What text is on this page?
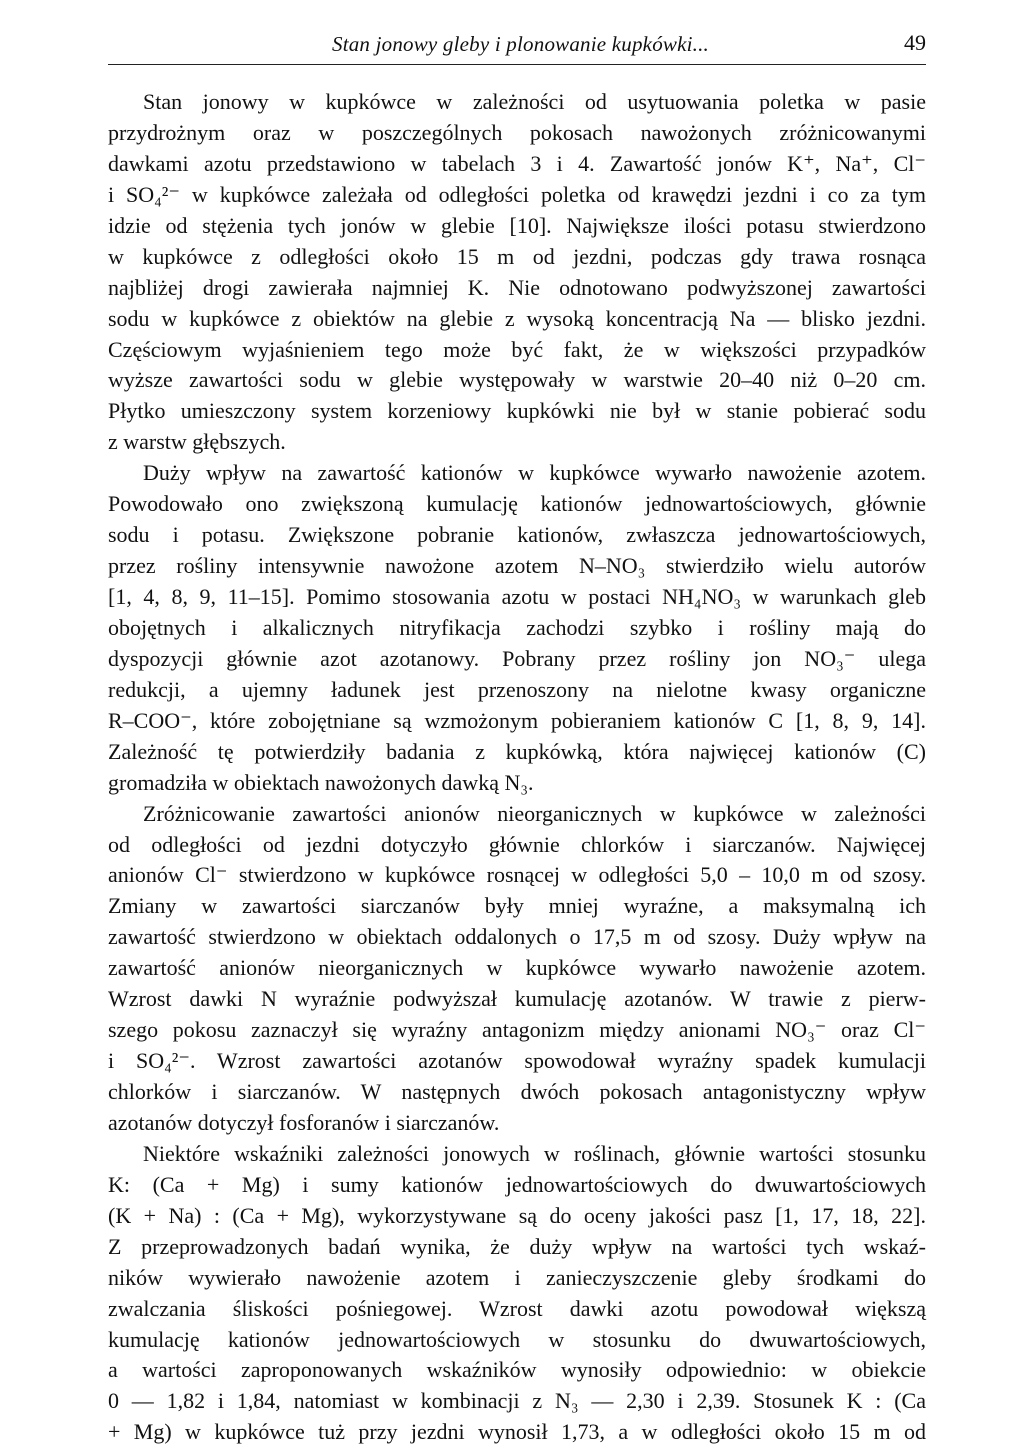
Stan jonowy gleby i plonowanie kupkówki...	49
Stan jonowy w kupkówce w zależności od usytuowania poletka w pasie
przydrożnym oraz w poszczególnych pokosach nawożonych zróżnicowanymi
dawkami azotu przedstawiono w tabelach 3 i 4. Zawartość jonów K⁺, Na⁺, Cl⁻
i SO₄²⁻ w kupkówce zależała od odległości poletka od krawędzi jezdni i co za tym
idzie od stężenia tych jonów w glebie [10]. Największe ilości potasu stwierdzono
w kupkówce z odległości około 15 m od jezdni, podczas gdy trawa rosnąca
najbliżej drogi zawierała najmniej K. Nie odnotowano podwyższonej zawartości
sodu w kupkówce z obiektów na glebie z wysoką koncentracją Na — blisko jezdni.
Częściowym wyjaśnieniem tego może być fakt, że w większości przypadków
wyższe zawartości sodu w glebie występowały w warstwie 20–40 niż 0–20 cm.
Płytko umieszczony system korzeniowy kupkówki nie był w stanie pobierać sodu
z warstw głębszych.
Duży wpływ na zawartość kationów w kupkówce wywarło nawożenie azotem.
Powodowało ono zwiększoną kumulację kationów jednowartościowych, głównie
sodu i potasu. Zwiększone pobranie kationów, zwłaszcza jednowartościowych,
przez rośliny intensywnie nawożone azotem N–NO₃ stwierdziło wielu autorów
[1, 4, 8, 9, 11–15]. Pomimo stosowania azotu w postaci NH₄NO₃ w warunkach gleb
obojętnych i alkalicznych nitryfikacja zachodzi szybko i rośliny mają do
dyspozycji głównie azot azotanowy. Pobrany przez rośliny jon NO₃⁻ ulega
redukcji, a ujemny ładunek jest przenoszony na nielotne kwasy organiczne
R–COO⁻, które zobojętniane są wzmożonym pobieraniem kationów C [1, 8, 9, 14].
Zależność tę potwierdziły badania z kupkówką, która najwięcej kationów (C)
gromadziła w obiektach nawożonych dawką N₃.
Zróżnicowanie zawartości anionów nieorganicznych w kupkówce w zależności
od odległości od jezdni dotyczyło głównie chlorków i siarczanów. Najwięcej
anionów Cl⁻ stwierdzono w kupkówce rosnącej w odległości 5,0 – 10,0 m od szosy.
Zmiany w zawartości siarczanów były mniej wyraźne, a maksymalną ich
zawartość stwierdzono w obiektach oddalonych o 17,5 m od szosy. Duży wpływ na
zawartość anionów nieorganicznych w kupkówce wywarło nawożenie azotem.
Wzrost dawki N wyraźnie podwyższał kumulację azotanów. W trawie z pierw-
szego pokosu zaznaczył się wyraźny antagonizm między anionami NO₃⁻ oraz Cl⁻
i SO₄²⁻. Wzrost zawartości azotanów spowodował wyraźny spadek kumulacji
chlorków i siarczanów. W następnych dwóch pokosach antagonistyczny wpływ
azotanów dotyczył fosforanów i siarczanów.
Niektóre wskaźniki zależności jonowych w roślinach, głównie wartości stosunku
K: (Ca + Mg) i sumy kationów jednowartościowych do dwuwartościowych
(K + Na) : (Ca + Mg), wykorzystywane są do oceny jakości pasz [1, 17, 18, 22].
Z przeprowadzonych badań wynika, że duży wpływ na wartości tych wskaź-
ników wywierało nawożenie azotem i zanieczyszczenie gleby środkami do
zwalczania śliskości pośniegowej. Wzrost dawki azotu powodował większą
kumulację kationów jednowartościowych w stosunku do dwuwartościowych,
a wartości zaproponowanych wskaźników wynosiły odpowiednio: w obiekcie
0 — 1,82 i 1,84, natomiast w kombinacji z N₃ — 2,30 i 2,39. Stosunek K : (Ca
+ Mg) w kupkówce tuż przy jezdni wynosił 1,73, a w odległości około 15 m od
